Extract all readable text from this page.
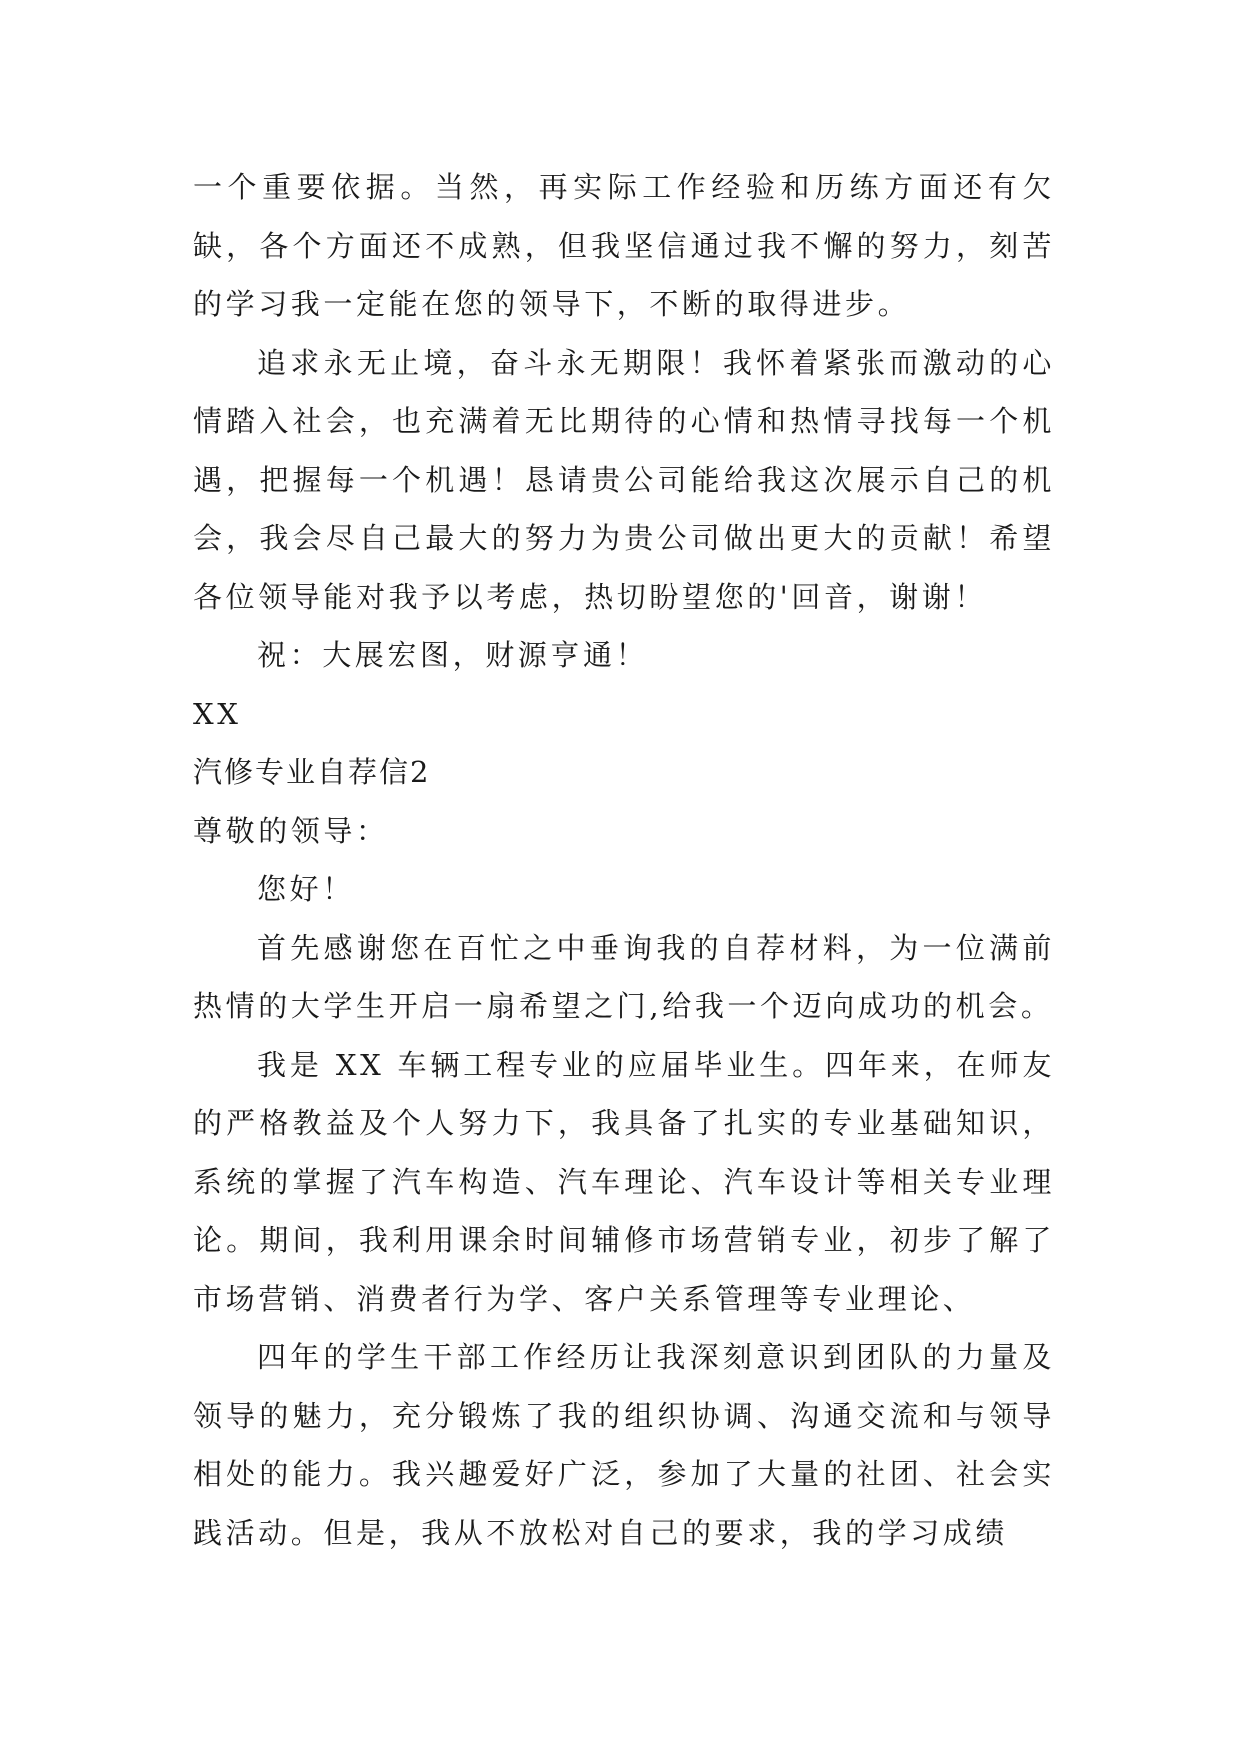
一个重要依据。当然，再实际工作经验和历练方面还有欠缺，各个方面还不成熟，但我坚信通过我不懈的努力，刻苦的学习我一定能在您的领导下，不断的取得进步。

追求永无止境，奋斗永无期限！我怀着紧张而激动的心情踏入社会，也充满着无比期待的心情和热情寻找每一个机遇，把握每一个机遇！恳请贵公司能给我这次展示自己的机会，我会尽自己最大的努力为贵公司做出更大的贡献！希望各位领导能对我予以考虑，热切盼望您的'回音，谢谢！

祝：大展宏图，财源亨通！

XX

汽修专业自荐信2

尊敬的领导：

您好！

首先感谢您在百忙之中垂询我的自荐材料，为一位满前热情的大学生开启一扇希望之门,给我一个迈向成功的机会。

我是 XX 车辆工程专业的应届毕业生。四年来，在师友的严格教益及个人努力下，我具备了扎实的专业基础知识，系统的掌握了汽车构造、汽车理论、汽车设计等相关专业理论。期间，我利用课余时间辅修市场营销专业，初步了解了市场营销、消费者行为学、客户关系管理等专业理论、

四年的学生干部工作经历让我深刻意识到团队的力量及领导的魅力，充分锻炼了我的组织协调、沟通交流和与领导相处的能力。我兴趣爱好广泛，参加了大量的社团、社会实践活动。但是，我从不放松对自己的要求，我的学习成绩
